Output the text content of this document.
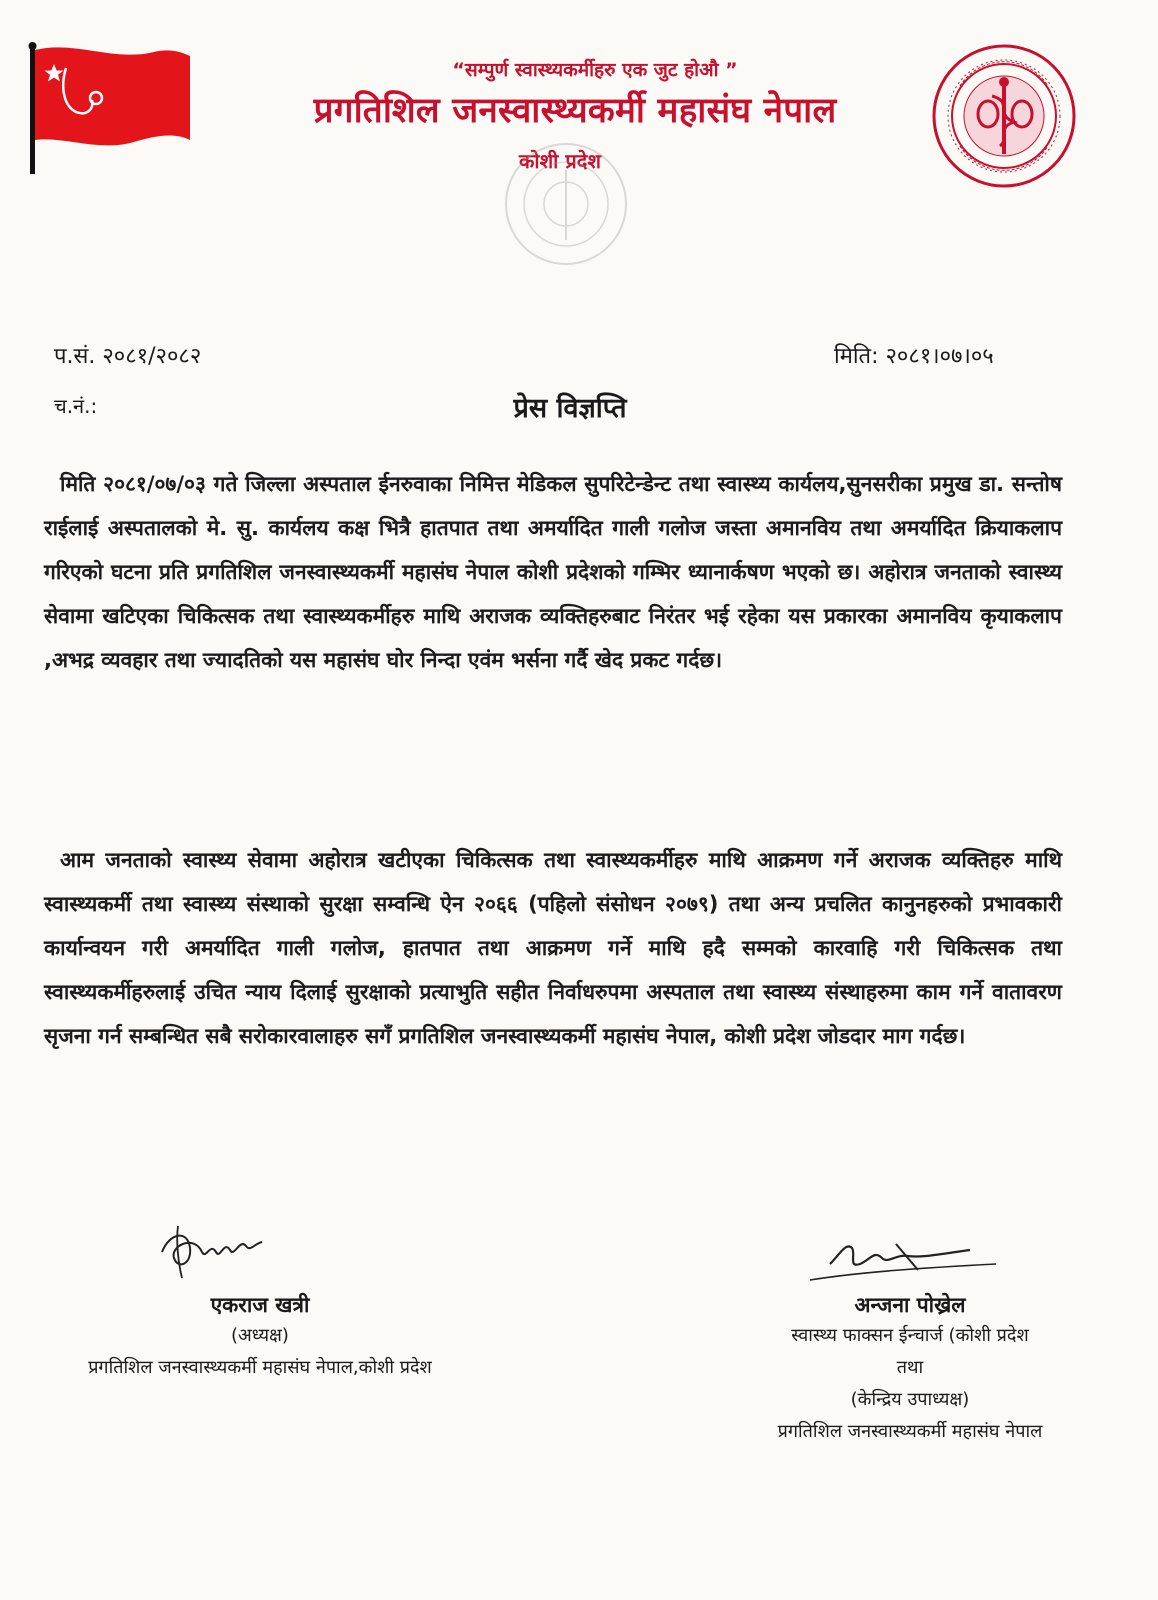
“सम्पुर्ण स्वास्थ्यकर्मीहरु एक जुट होऔ ”
प्रगतिशिल जनस्वास्थ्यकर्मी महासंघ नेपाल
कोशी प्रदेश
प.सं. २०८१/२०८२	मिति: २०८१।०७।०५
च.नं.:	प्रेस विज्ञप्ति
मिति २०८१/०७/०३ गते जिल्ला अस्पताल ईनरुवाका निमित्त मेडिकल सुपरिटेन्डेन्ट तथा स्वास्थ्य कार्यलय,सुनसरीका प्रमुख डा. सन्तोष राईलाई अस्पतालको मे. सु. कार्यलय कक्ष भित्रै हातपात तथा अमर्यादित गाली गलोज जस्ता अमानविय तथा अमर्यादित क्रियाकलाप गरिएको घटना प्रति प्रगतिशिल जनस्वास्थ्यकर्मी महासंघ नेपाल कोशी प्रदेशको गम्भिर ध्यानार्कषण भएको छ। अहोरात्र जनताको स्वास्थ्य सेवामा खटिएका चिकित्सक तथा स्वास्थ्यकर्मीहरु माथि अराजक व्यक्तिहरुबाट निरंतर भई रहेका यस प्रकारका अमानविय कृयाकलाप ,अभद्र व्यवहार तथा ज्यादतिको यस महासंघ घोर निन्दा एवंम भर्सना गर्दै खेद प्रकट गर्दछ।
आम जनताको स्वास्थ्य सेवामा अहोरात्र खटीएका चिकित्सक तथा स्वास्थ्यकर्मीहरु माथि आक्रमण गर्ने अराजक व्यक्तिहरु माथि स्वास्थ्यकर्मी तथा स्वास्थ्य संस्थाको सुरक्षा सम्वन्धि ऐन २०६६ (पहिलो संसोधन २०७९) तथा अन्य प्रचलित कानुनहरुको प्रभावकारी कार्यान्वयन गरी अमर्यादित गाली गलोज, हातपात तथा आक्रमण गर्ने माथि हदै सम्मको कारवाहि गरी चिकित्सक तथा स्वास्थ्यकर्मीहरुलाई उचित न्याय दिलाई सुरक्षाको प्रत्याभुति सहीत निर्वाधरुपमा अस्पताल तथा स्वास्थ्य संस्थाहरुमा काम गर्ने वातावरण सृजना गर्न सम्बन्धित सबै सरोकारवालाहरु सगँ प्रगतिशिल जनस्वास्थ्यकर्मी महासंघ नेपाल, कोशी प्रदेश जोडदार माग गर्दछ।
एकराज खत्री
(अध्यक्ष)
प्रगतिशिल जनस्वास्थ्यकर्मी महासंघ नेपाल,कोशी प्रदेश
अन्जना पोख्रेल
स्वास्थ्य फाक्सन ईन्चार्ज (कोशी प्रदेश
तथा
(केन्द्रिय उपाध्यक्ष)
प्रगतिशिल जनस्वास्थ्यकर्मी महासंघ नेपाल
